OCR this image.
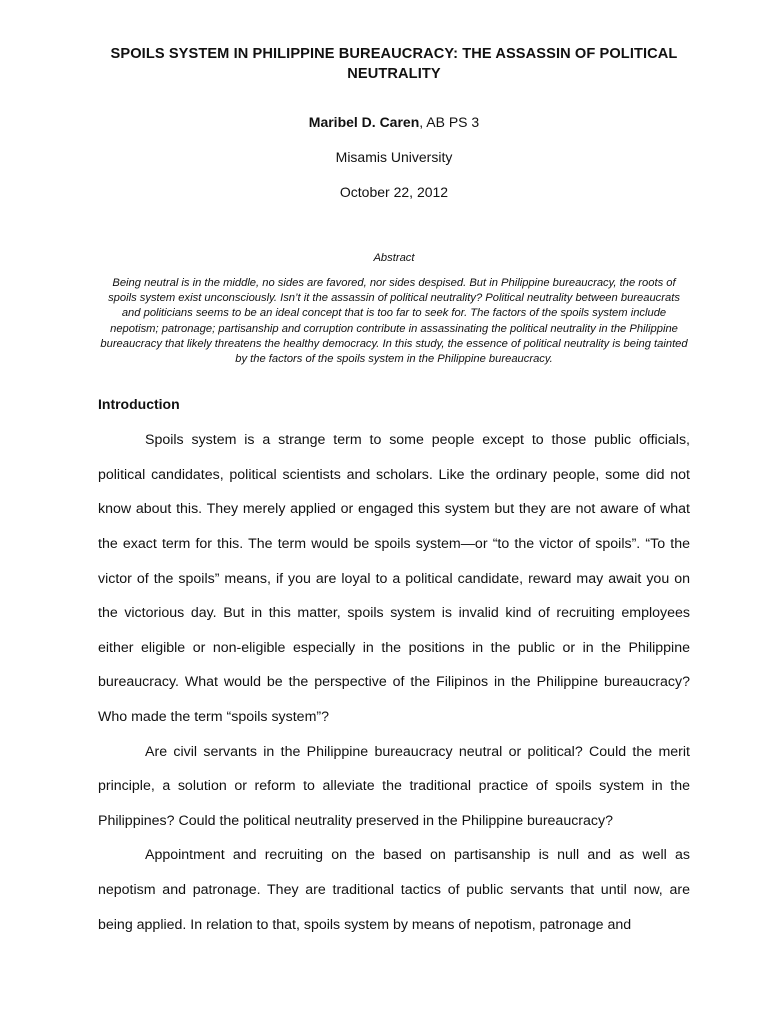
SPOILS SYSTEM IN PHILIPPINE BUREAUCRACY: THE ASSASSIN OF POLITICAL NEUTRALITY
Maribel D. Caren, AB PS 3
Misamis University
October 22, 2012
Abstract

Being neutral is in the middle, no sides are favored, nor sides despised. But in Philippine bureaucracy, the roots of spoils system exist unconsciously. Isn’t it the assassin of political neutrality? Political neutrality between bureaucrats and politicians seems to be an ideal concept that is too far to seek for. The factors of the spoils system include nepotism; patronage; partisanship and corruption contribute in assassinating the political neutrality in the Philippine bureaucracy that likely threatens the healthy democracy. In this study, the essence of political neutrality is being tainted by the factors of the spoils system in the Philippine bureaucracy.

Introduction

Spoils system is a strange term to some people except to those public officials, political candidates, political scientists and scholars. Like the ordinary people, some did not know about this. They merely applied or engaged this system but they are not aware of what the exact term for this. The term would be spoils system—or “to the victor of spoils”. “To the victor of the spoils” means, if you are loyal to a political candidate, reward may await you on the victorious day. But in this matter, spoils system is invalid kind of recruiting employees either eligible or non-eligible especially in the positions in the public or in the Philippine bureaucracy. What would be the perspective of the Filipinos in the Philippine bureaucracy? Who made the term “spoils system”?

Are civil servants in the Philippine bureaucracy neutral or political? Could the merit principle, a solution or reform to alleviate the traditional practice of spoils system in the Philippines? Could the political neutrality preserved in the Philippine bureaucracy?

Appointment and recruiting on the based on partisanship is null and as well as nepotism and patronage. They are traditional tactics of public servants that until now, are being applied. In relation to that, spoils system by means of nepotism, patronage and
